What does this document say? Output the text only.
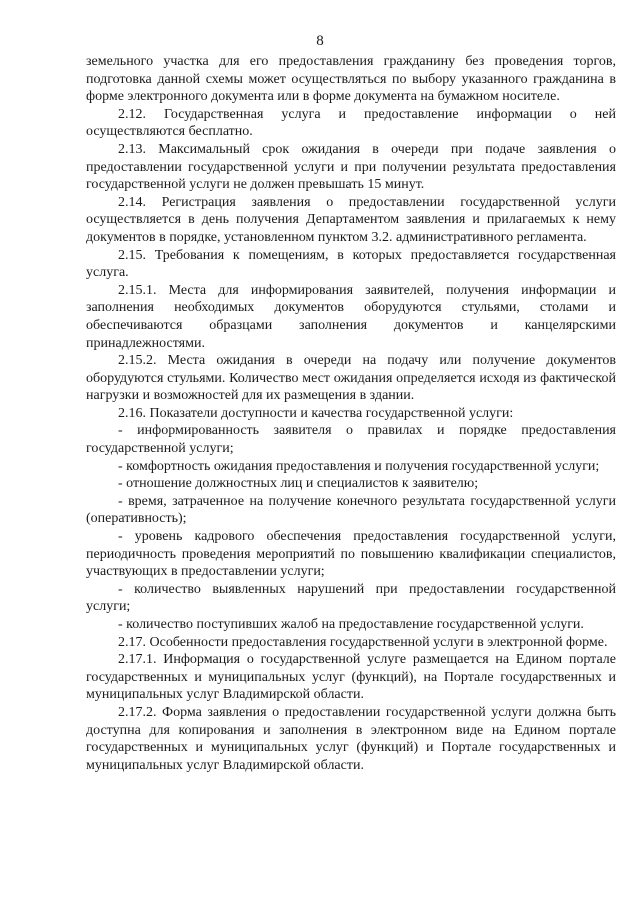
8

земельного участка для его предоставления гражданину без проведения торгов, подготовка данной схемы может осуществляться по выбору указанного гражданина в форме электронного документа или в форме документа на бумажном носителе.

2.12. Государственная услуга и предоставление информации о ней осуществляются бесплатно.

2.13. Максимальный срок ожидания в очереди при подаче заявления о предоставлении государственной услуги и при получении результата предоставления государственной услуги не должен превышать 15 минут.

2.14. Регистрация заявления о предоставлении государственной услуги осуществляется в день получения Департаментом заявления и прилагаемых к нему документов в порядке, установленном пунктом 3.2. административного регламента.

2.15. Требования к помещениям, в которых предоставляется государственная услуга.

2.15.1. Места для информирования заявителей, получения информации и заполнения необходимых документов оборудуются стульями, столами и обеспечиваются образцами заполнения документов и канцелярскими принадлежностями.

2.15.2. Места ожидания в очереди на подачу или получение документов оборудуются стульями. Количество мест ожидания определяется исходя из фактической нагрузки и возможностей для их размещения в здании.

2.16. Показатели доступности и качества государственной услуги:

- информированность заявителя о правилах и порядке предоставления государственной услуги;

- комфортность ожидания предоставления и получения государственной услуги;

- отношение должностных лиц и специалистов к заявителю;

- время, затраченное на получение конечного результата государственной услуги (оперативность);

- уровень кадрового обеспечения предоставления государственной услуги, периодичность проведения мероприятий по повышению квалификации специалистов, участвующих в предоставлении услуги;

- количество выявленных нарушений при предоставлении государственной услуги;

- количество поступивших жалоб на предоставление государственной услуги.

2.17. Особенности предоставления государственной услуги в электронной форме.

2.17.1. Информация о государственной услуге размещается на Едином портале государственных и муниципальных услуг (функций), на Портале государственных и муниципальных услуг Владимирской области.

2.17.2. Форма заявления о предоставлении государственной услуги должна быть доступна для копирования и заполнения в электронном виде на Едином портале государственных и муниципальных услуг (функций) и Портале государственных и муниципальных услуг Владимирской области.
